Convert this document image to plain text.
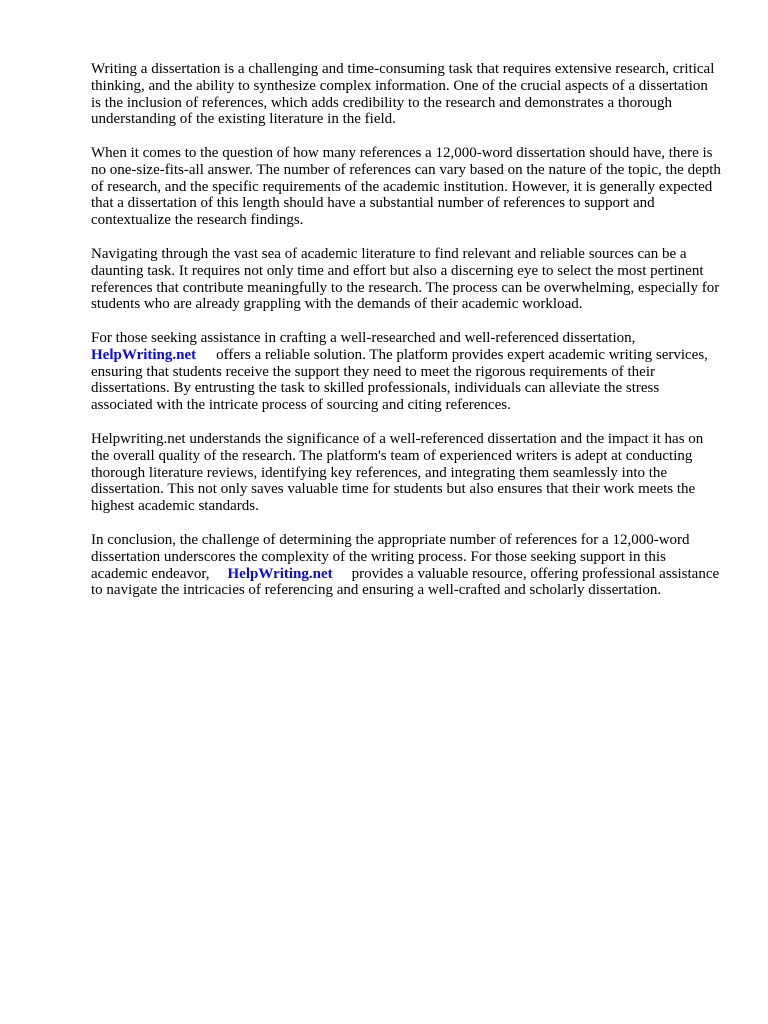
Writing a dissertation is a challenging and time-consuming task that requires extensive research, critical thinking, and the ability to synthesize complex information. One of the crucial aspects of a dissertation is the inclusion of references, which adds credibility to the research and demonstrates a thorough understanding of the existing literature in the field.

When it comes to the question of how many references a 12,000-word dissertation should have, there is no one-size-fits-all answer. The number of references can vary based on the nature of the topic, the depth of research, and the specific requirements of the academic institution. However, it is generally expected that a dissertation of this length should have a substantial number of references to support and contextualize the research findings.

Navigating through the vast sea of academic literature to find relevant and reliable sources can be a daunting task. It requires not only time and effort but also a discerning eye to select the most pertinent references that contribute meaningfully to the research. The process can be overwhelming, especially for students who are already grappling with the demands of their academic workload.

For those seeking assistance in crafting a well-researched and well-referenced dissertation,
HelpWriting.net offers a reliable solution. The platform provides expert academic writing services, ensuring that students receive the support they need to meet the rigorous requirements of their dissertations. By entrusting the task to skilled professionals, individuals can alleviate the stress associated with the intricate process of sourcing and citing references.

Helpwriting.net understands the significance of a well-referenced dissertation and the impact it has on the overall quality of the research. The platform's team of experienced writers is adept at conducting thorough literature reviews, identifying key references, and integrating them seamlessly into the dissertation. This not only saves valuable time for students but also ensures that their work meets the highest academic standards.

In conclusion, the challenge of determining the appropriate number of references for a 12,000-word dissertation underscores the complexity of the writing process. For those seeking support in this academic endeavor, HelpWriting.net provides a valuable resource, offering professional assistance to navigate the intricacies of referencing and ensuring a well-crafted and scholarly dissertation.
